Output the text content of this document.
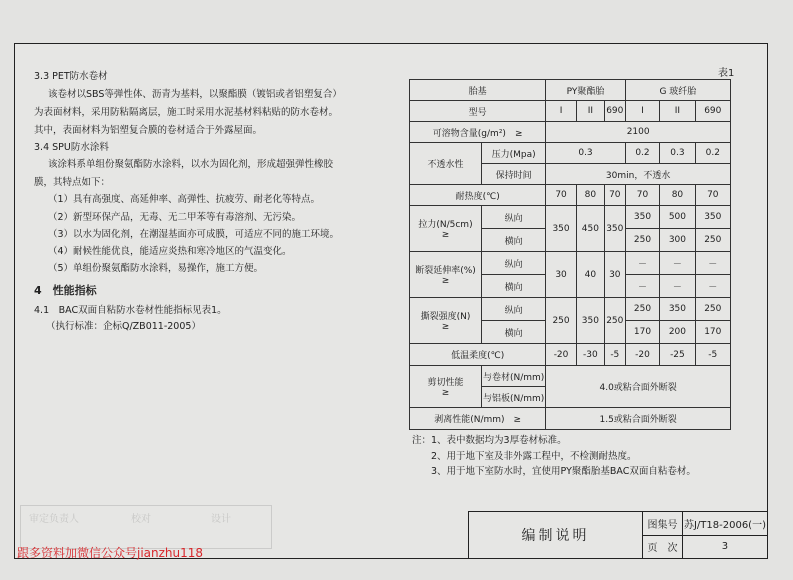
3.3 PET防水卷材
该卷材以SBS等弹性体、沥青为基料，以聚酯膜（镀铝或者铝塑复合）
为表面材料，采用防粘隔离层，施工时采用水泥基材料粘贴的防水卷材。
其中，表面材料为铝塑复合膜的卷材适合于外露屋面。
3.4 SPU防水涂料
该涂料系单组份聚氨酯防水涂料，以水为固化剂，形成超强弹性橡胶
膜，其特点如下：
（1）具有高强度、高延伸率、高弹性、抗疲劳、耐老化等特点。
（2）新型环保产品，无毒、无二甲苯等有毒溶剂、无污染。
（3）以水为固化剂，在潮湿基面亦可成膜，可适应不同的施工环境。
（4）耐候性能优良，能适应炎热和寒冷地区的气温变化。
（5）单组份聚氨酯防水涂料，易操作，施工方便。
4　性能指标
4.1　BAC双面自粘防水卷材性能指标见表1。
（执行标准：企标Q/ZB011-2005）
表1
胎基		PY聚酯胎			G 玻纤胎		
型号		I	II	690	I	II	690
可溶物含量(g/m²)　≥		2100					
不透水性	压力(Mpa)	0.3			0.2	0.3	0.2
	保持时间	30min，不透水					
耐热度(℃)		70	80	70	70	80	70
拉力(N/5cm)
≥	纵向	350	450	350	350	500	350
	横向				250	300	250
断裂延伸率(%)
≥	纵向	30	40	30	－	－	－
	横向				－	－	－
撕裂强度(N)
≥	纵向	250	350	250	250	350	250
	横向				170	200	170
低温柔度(℃)		-20	-30	-5	-20	-25	-5
剪切性能
≥	与卷材(N/mm)	4.0或粘合面外断裂					
	与铝板(N/mm)						
剥离性能(N/mm)　≥		1.5或粘合面外断裂					
注：1、表中数据均为3厚卷材标准。
　　2、用于地下室及非外露工程中，不检测耐热度。
　　3、用于地下室防水时，宜使用PY聚酯胎基BAC双面自粘卷材。
审定负责人	校对	设计
编制说明	图集号	苏J/T18-2006(一)
	页　次	3
跟多资料加微信公众号jianzhu118
